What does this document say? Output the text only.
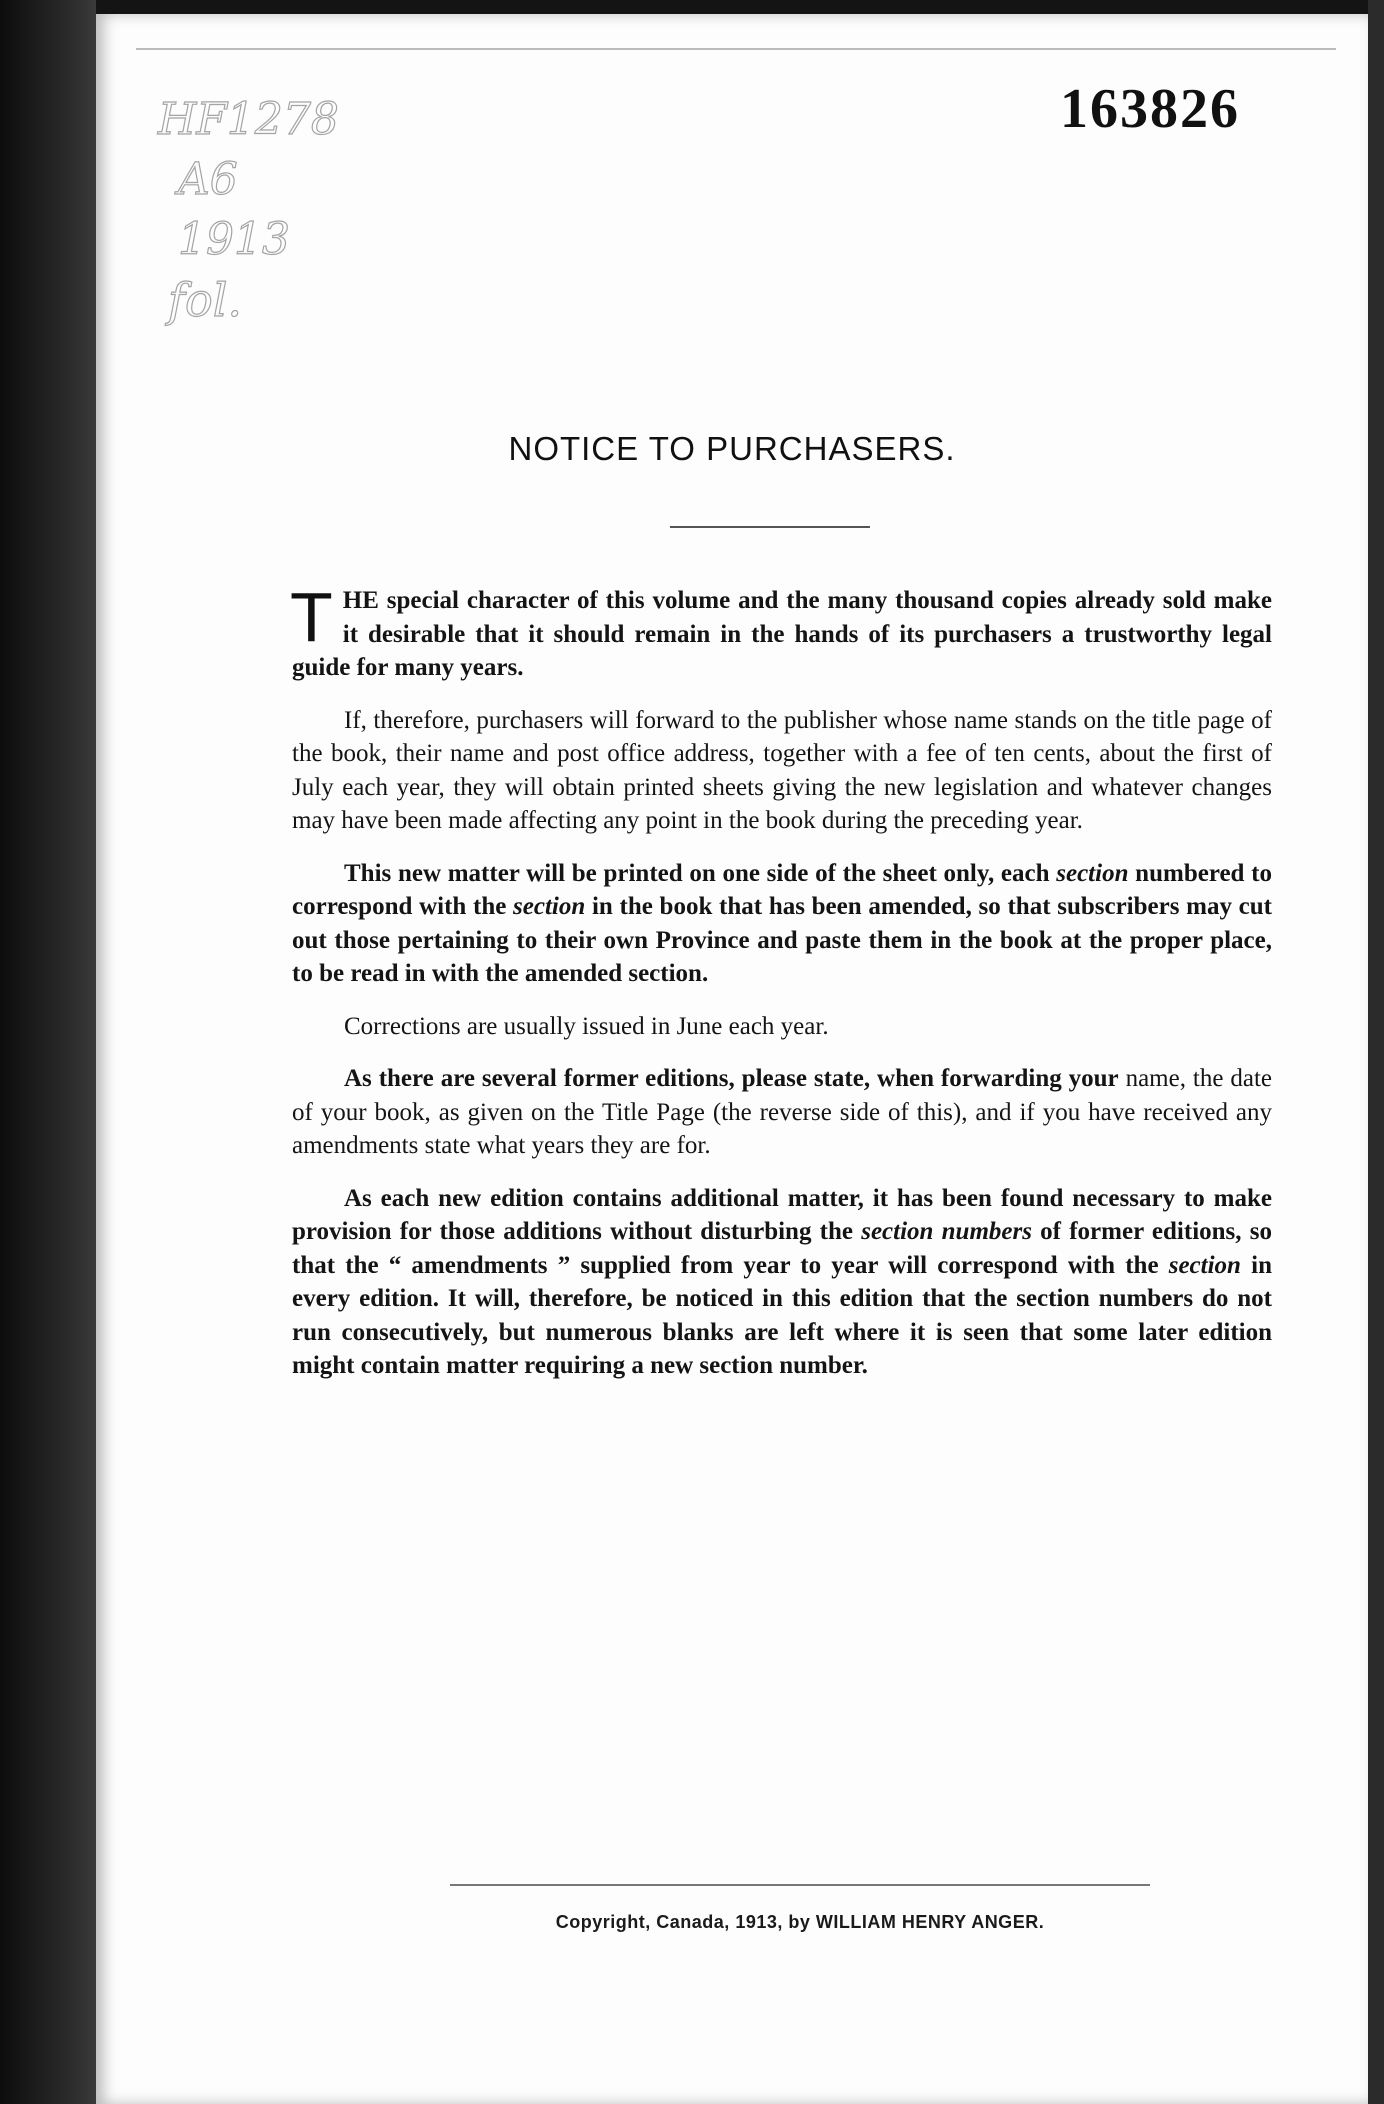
HF1278
A6
1913
fol.
163826
NOTICE TO PURCHASERS.

THE special character of this volume and the many thousand copies already sold make it desirable that it should remain in the hands of its purchasers a trustworthy legal guide for many years.

If, therefore, purchasers will forward to the publisher whose name stands on the title page of the book, their name and post office address, together with a fee of ten cents, about the first of July each year, they will obtain printed sheets giving the new legislation and whatever changes may have been made affecting any point in the book during the preceding year.

This new matter will be printed on one side of the sheet only, each section numbered to correspond with the section in the book that has been amended, so that subscribers may cut out those pertaining to their own Province and paste them in the book at the proper place, to be read in with the amended section.

Corrections are usually issued in June each year.

As there are several former editions, please state, when forwarding your name, the date of your book, as given on the Title Page (the reverse side of this), and if you have received any amendments state what years they are for.

As each new edition contains additional matter, it has been found necessary to make provision for those additions without disturbing the section numbers of former editions, so that the “ amendments ” supplied from year to year will correspond with the section in every edition. It will, therefore, be noticed in this edition that the section numbers do not run consecutively, but numerous blanks are left where it is seen that some later edition might contain matter requiring a new section number.

Copyright, Canada, 1913, by WILLIAM HENRY ANGER.
